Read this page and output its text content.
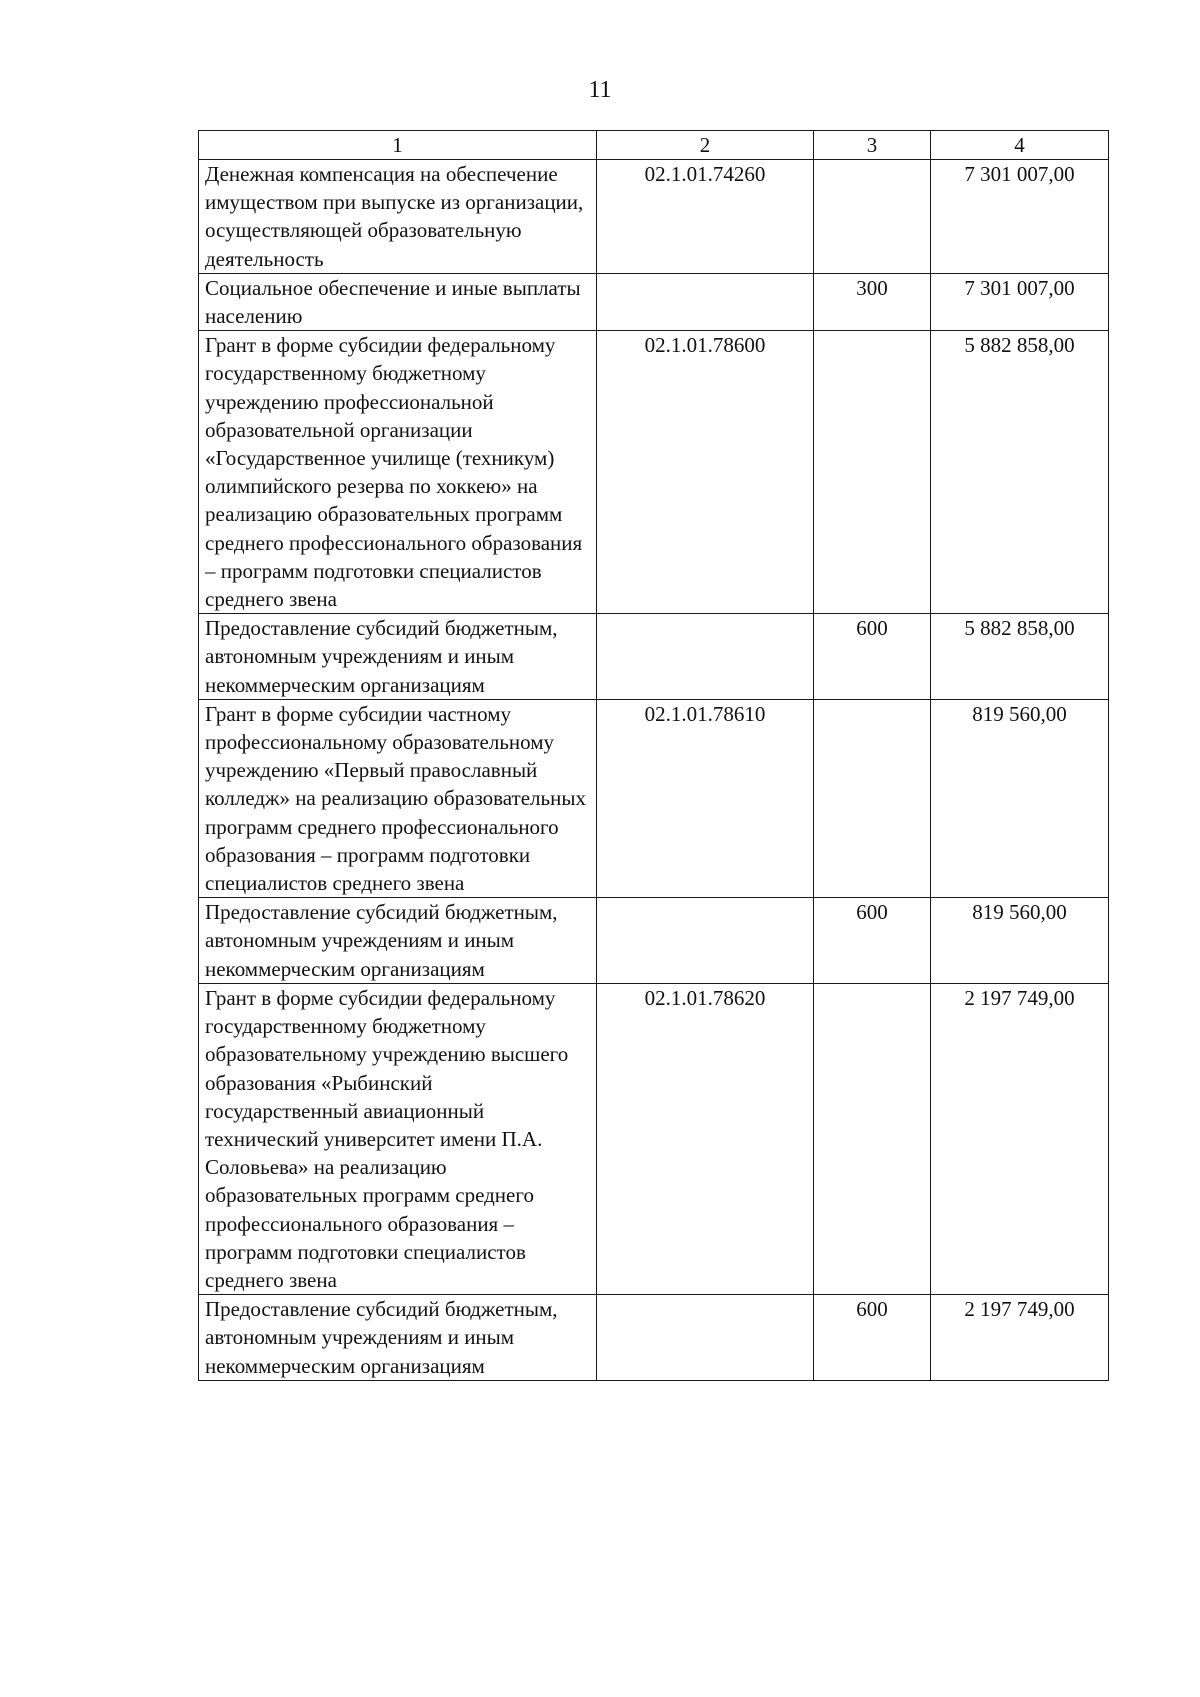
11
1	2	3	4
Денежная компенсация на обеспечение имуществом при выпуске из организации, осуществляющей образовательную деятельность	02.1.01.74260		7 301 007,00
Социальное обеспечение и иные выплаты населению		300	7 301 007,00
Грант в форме субсидии федеральному государственному бюджетному учреждению профессиональной образовательной организации «Государственное училище (техникум) олимпийского резерва по хоккею» на реализацию образовательных программ среднего профессионального образования – программ подготовки специалистов среднего звена	02.1.01.78600		5 882 858,00
Предоставление субсидий бюджетным, автономным учреждениям и иным некоммерческим организациям		600	5 882 858,00
Грант в форме субсидии частному профессиональному образовательному учреждению «Первый православный колледж» на реализацию образовательных программ среднего профессионального образования – программ подготовки специалистов среднего звена	02.1.01.78610		819 560,00
Предоставление субсидий бюджетным, автономным учреждениям и иным некоммерческим организациям		600	819 560,00
Грант в форме субсидии федеральному государственному бюджетному образовательному учреждению высшего образования «Рыбинский государственный авиационный технический университет имени П.А. Соловьева» на реализацию образовательных программ среднего профессионального образования – программ подготовки специалистов среднего звена	02.1.01.78620		2 197 749,00
Предоставление субсидий бюджетным, автономным учреждениям и иным некоммерческим организациям		600	2 197 749,00
